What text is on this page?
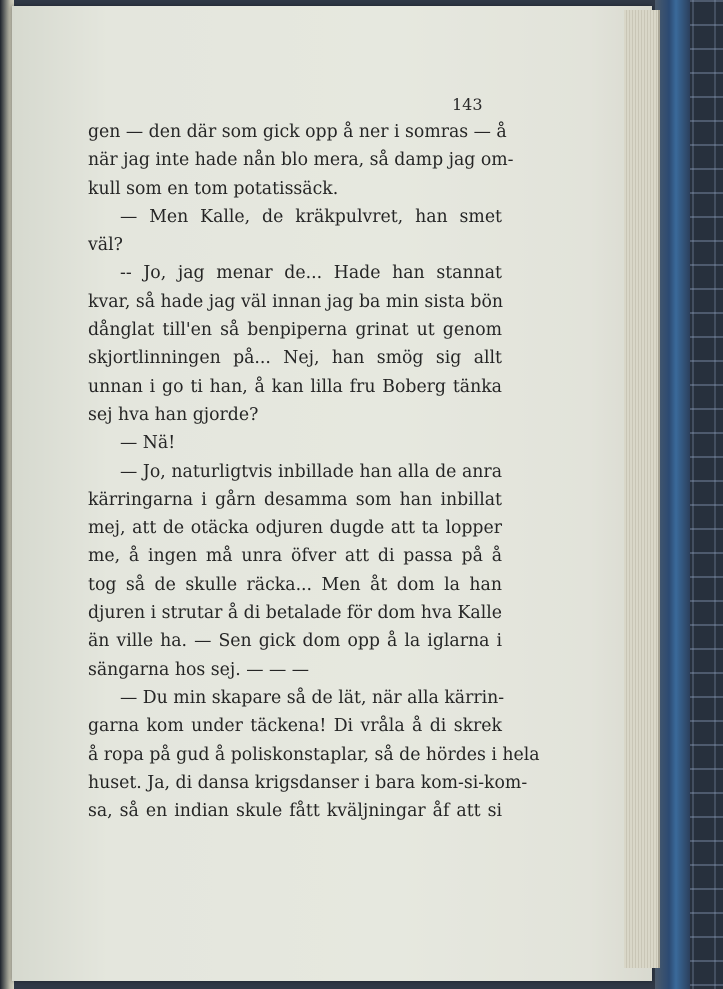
143
gen — den där som gick opp å ner i somras — å
när jag inte hade nån blo mera, så damp jag om-
kull som en tom potatissäck.
— Men Kalle, de kräkpulvret, han smet
väl?
-- Jo, jag menar de... Hade han stannat
kvar, så hade jag väl innan jag ba min sista bön
dånglat till'en så benpiperna grinat ut genom
skjortlinningen på... Nej, han smög sig allt
unnan i go ti han, å kan lilla fru Boberg tänka
sej hva han gjorde?
— Nä!
— Jo, naturligtvis inbillade han alla de anra
kärringarna i gårn desamma som han inbillat
mej, att de otäcka odjuren dugde att ta lopper
me, å ingen må unra öfver att di passa på å
tog så de skulle räcka... Men åt dom la han
djuren i strutar å di betalade för dom hva Kalle
än ville ha. — Sen gick dom opp å la iglarna i
sängarna hos sej. — — —
— Du min skapare så de lät, när alla kärrin-
garna kom under täckena! Di vråla å di skrek
å ropa på gud å poliskonstaplar, så de hördes i hela
huset. Ja, di dansa krigsdanser i bara kom-si-kom-
sa, så en indian skule fått kväljningar åf att si
